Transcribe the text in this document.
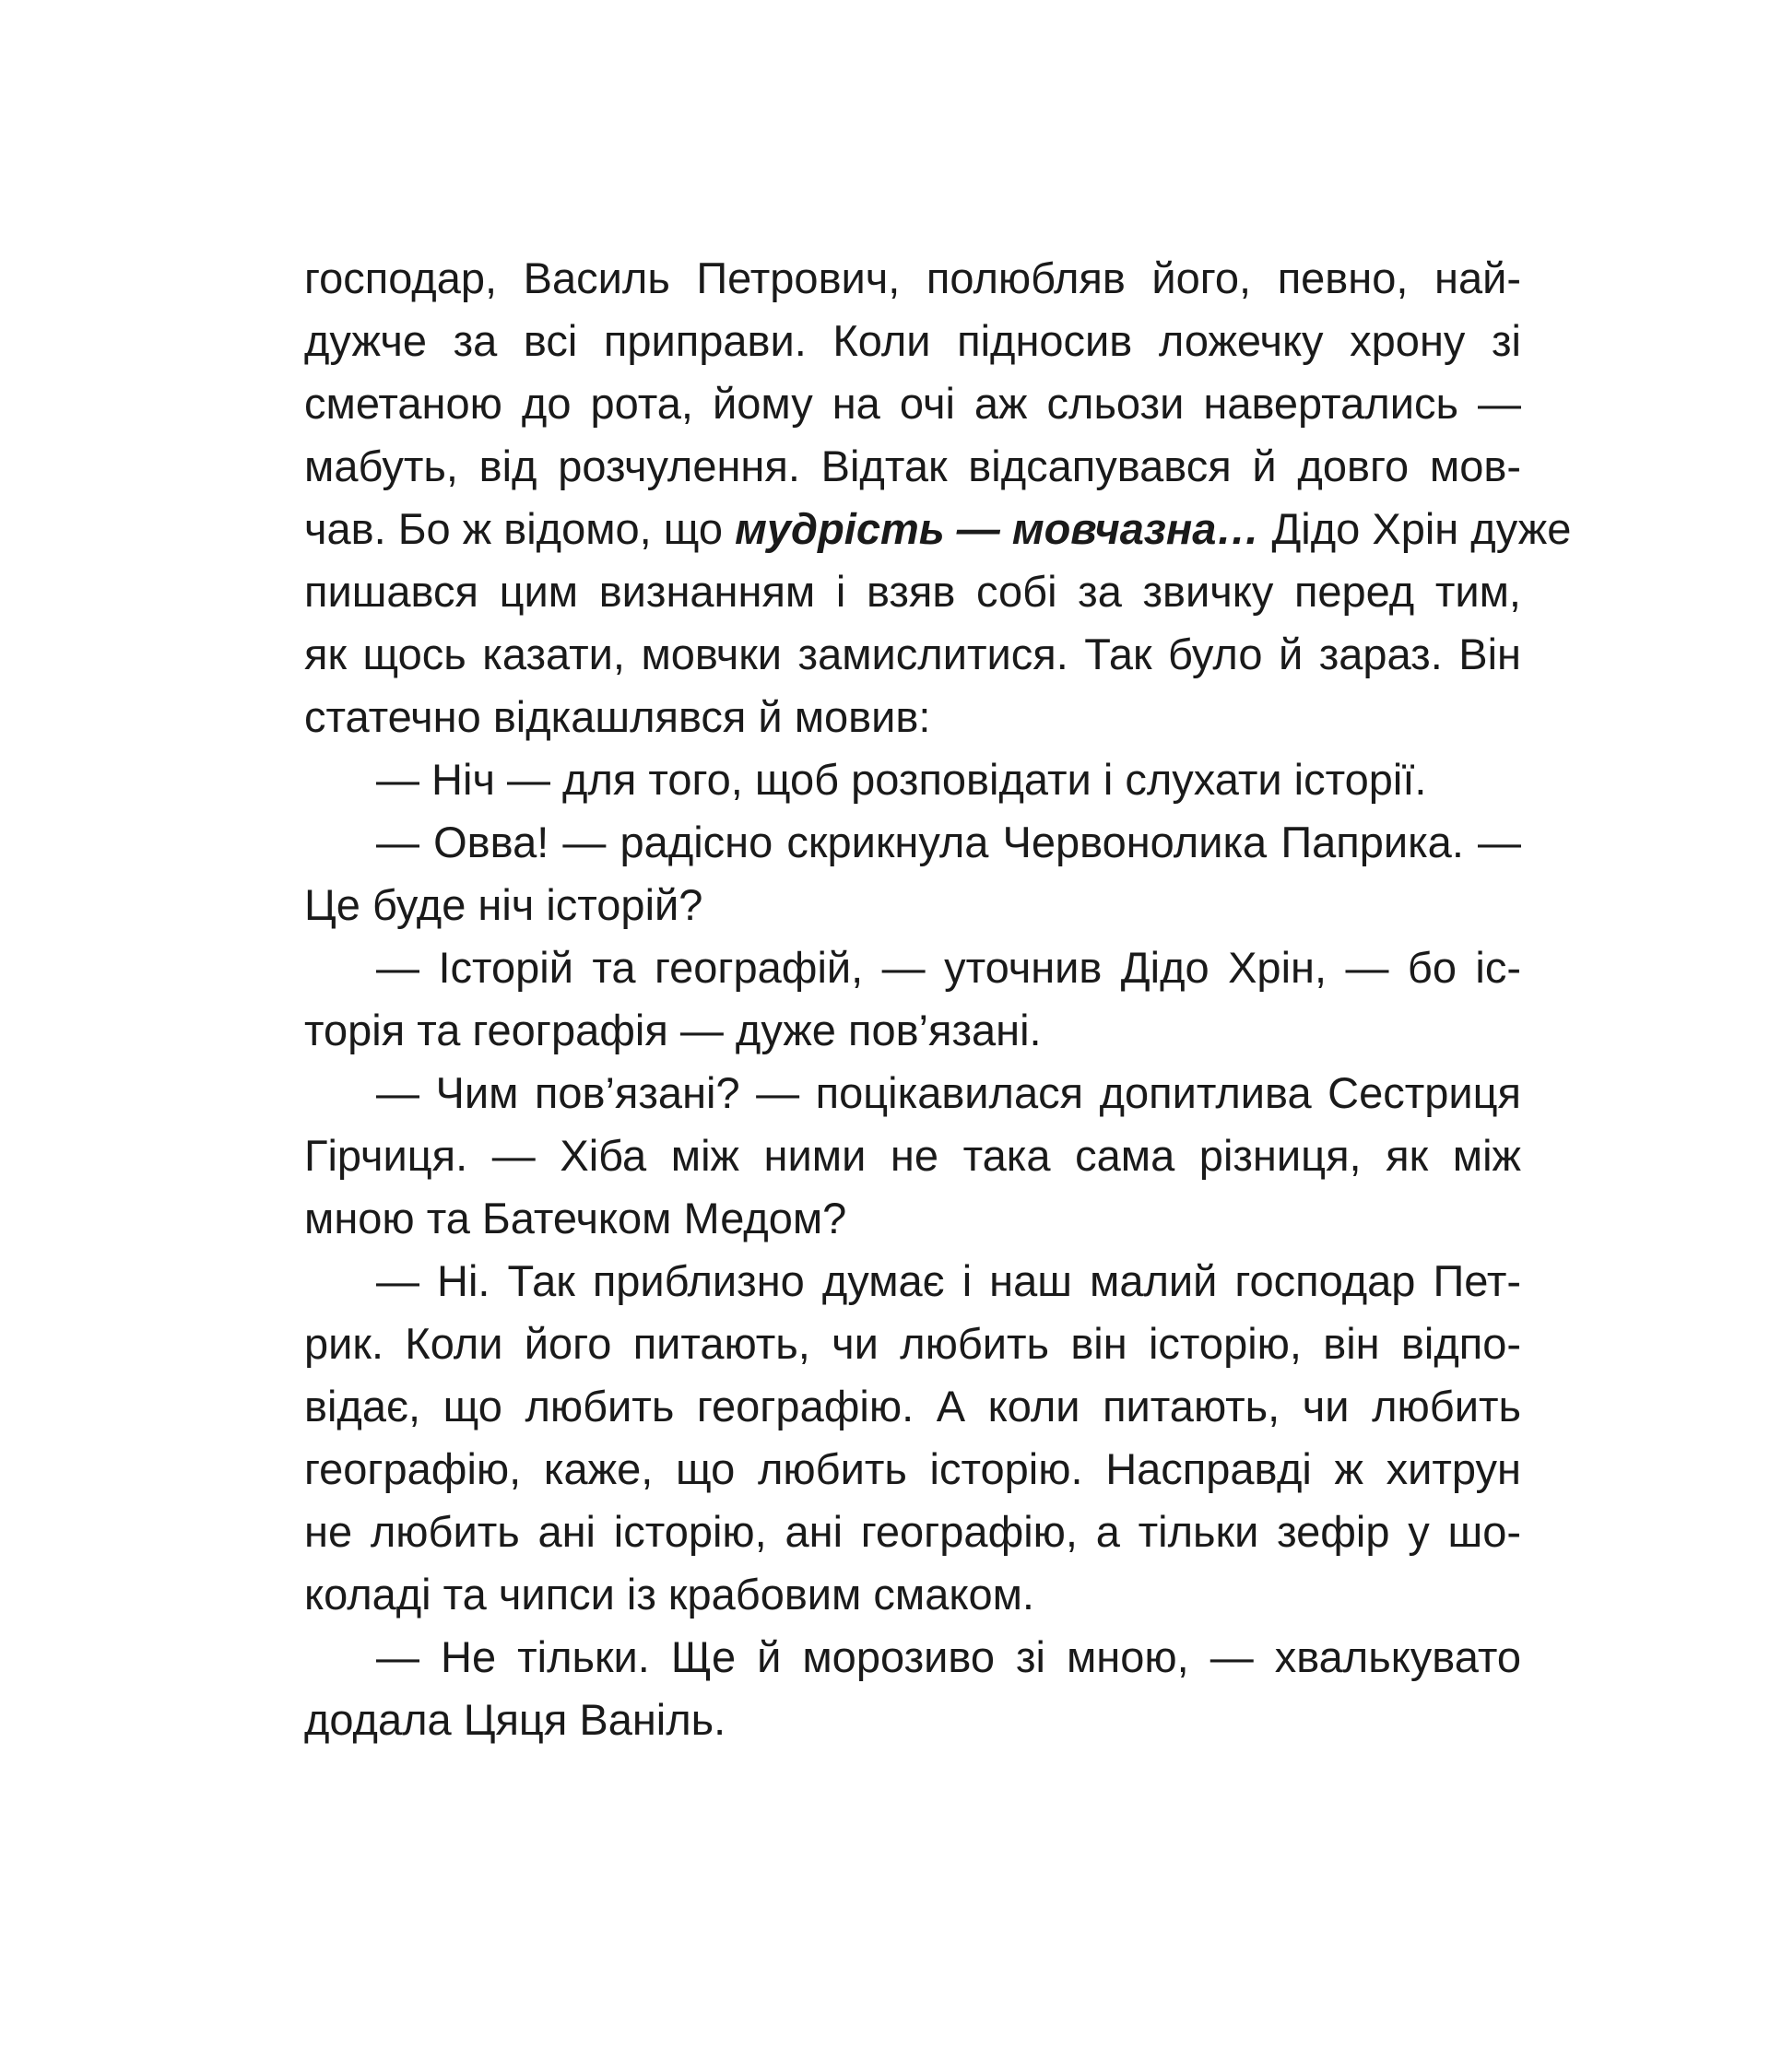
господар, Василь Петрович, полюбляв його, певно, най-
дужче за всі приправи. Коли підносив ложечку хрону зі
сметаною до рота, йому на очі аж сльози навертались —
мабуть, від розчулення. Відтак відсапувався й довго мов-
чав. Бо ж відомо, що мудрість — мовчазна… Дідо Хрін дуже
пишався цим визнанням і взяв собі за звичку перед тим,
як щось казати, мовчки замислитися. Так було й зараз. Він
статечно відкашлявся й мовив:
— Ніч — для того, щоб розповідати і слухати історії.
— Овва! — радісно скрикнула Червонолика Паприка. —
Це буде ніч історій?
— Історій та географій, — уточнив Дідо Хрін, — бо іс-
торія та географія — дуже пов’язані.
— Чим пов’язані? — поцікавилася допитлива Сестриця
Гірчиця. — Хіба між ними не така сама різниця, як між
мною та Батечком Медом?
— Ні. Так приблизно думає і наш малий господар Пет-
рик. Коли його питають, чи любить він історію, він відпо-
відає, що любить географію. А коли питають, чи любить
географію, каже, що любить історію. Насправді ж хитрун
не любить ані історію, ані географію, а тільки зефір у шо-
коладі та чипси із крабовим смаком.
— Не тільки. Ще й морозиво зі мною, — хвалькувато
додала Цяця Ваніль.
